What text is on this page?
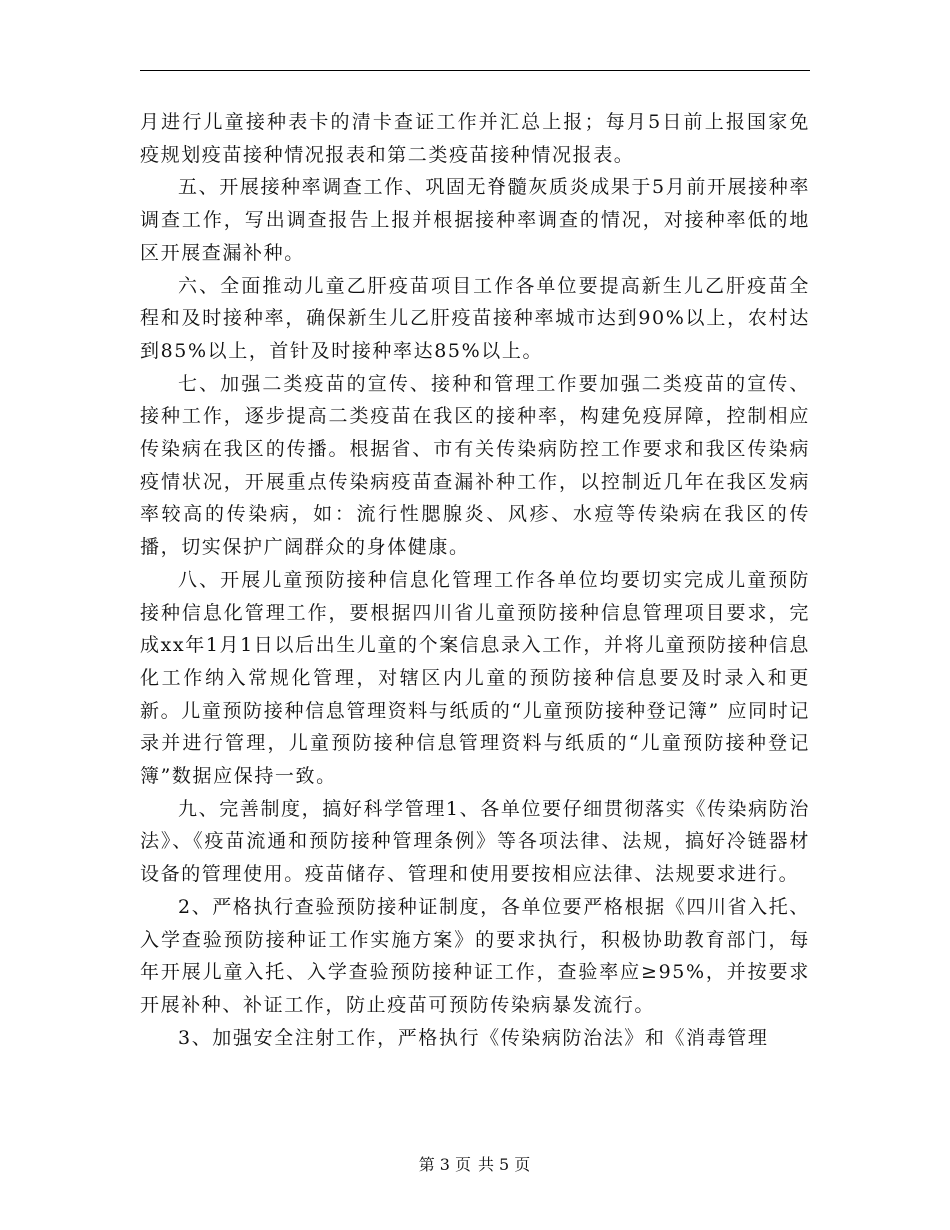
月进行儿童接种表卡的清卡查证工作并汇总上报；每月5日前上报国家免疫规划疫苗接种情况报表和第二类疫苗接种情况报表。

五、开展接种率调查工作、巩固无脊髓灰质炎成果于5月前开展接种率调查工作，写出调查报告上报并根据接种率调查的情况，对接种率低的地区开展查漏补种。

六、全面推动儿童乙肝疫苗项目工作各单位要提高新生儿乙肝疫苗全程和及时接种率，确保新生儿乙肝疫苗接种率城市达到90%以上，农村达到85%以上，首针及时接种率达85%以上。

七、加强二类疫苗的宣传、接种和管理工作要加强二类疫苗的宣传、接种工作，逐步提高二类疫苗在我区的接种率，构建免疫屏障，控制相应传染病在我区的传播。根据省、市有关传染病防控工作要求和我区传染病疫情状况，开展重点传染病疫苗查漏补种工作，以控制近几年在我区发病率较高的传染病，如：流行性腮腺炎、风疹、水痘等传染病在我区的传播，切实保护广阔群众的身体健康。

八、开展儿童预防接种信息化管理工作各单位均要切实完成儿童预防接种信息化管理工作，要根据四川省儿童预防接种信息管理项目要求，完成xx年1月1日以后出生儿童的个案信息录入工作，并将儿童预防接种信息化工作纳入常规化管理，对辖区内儿童的预防接种信息要及时录入和更新。儿童预防接种信息管理资料与纸质的“儿童预防接种登记簿” 应同时记录并进行管理，儿童预防接种信息管理资料与纸质的“儿童预防接种登记簿”数据应保持一致。

九、完善制度，搞好科学管理1、各单位要仔细贯彻落实《传染病防治法》、《疫苗流通和预防接种管理条例》等各项法律、法规，搞好冷链器材设备的管理使用。疫苗储存、管理和使用要按相应法律、法规要求进行。

2、严格执行查验预防接种证制度，各单位要严格根据《四川省入托、入学查验预防接种证工作实施方案》的要求执行，积极协助教育部门，每年开展儿童入托、入学查验预防接种证工作，查验率应≥95%，并按要求开展补种、补证工作，防止疫苗可预防传染病暴发流行。

3、加强安全注射工作，严格执行《传染病防治法》和《消毒管理

第 3 页 共 5 页
